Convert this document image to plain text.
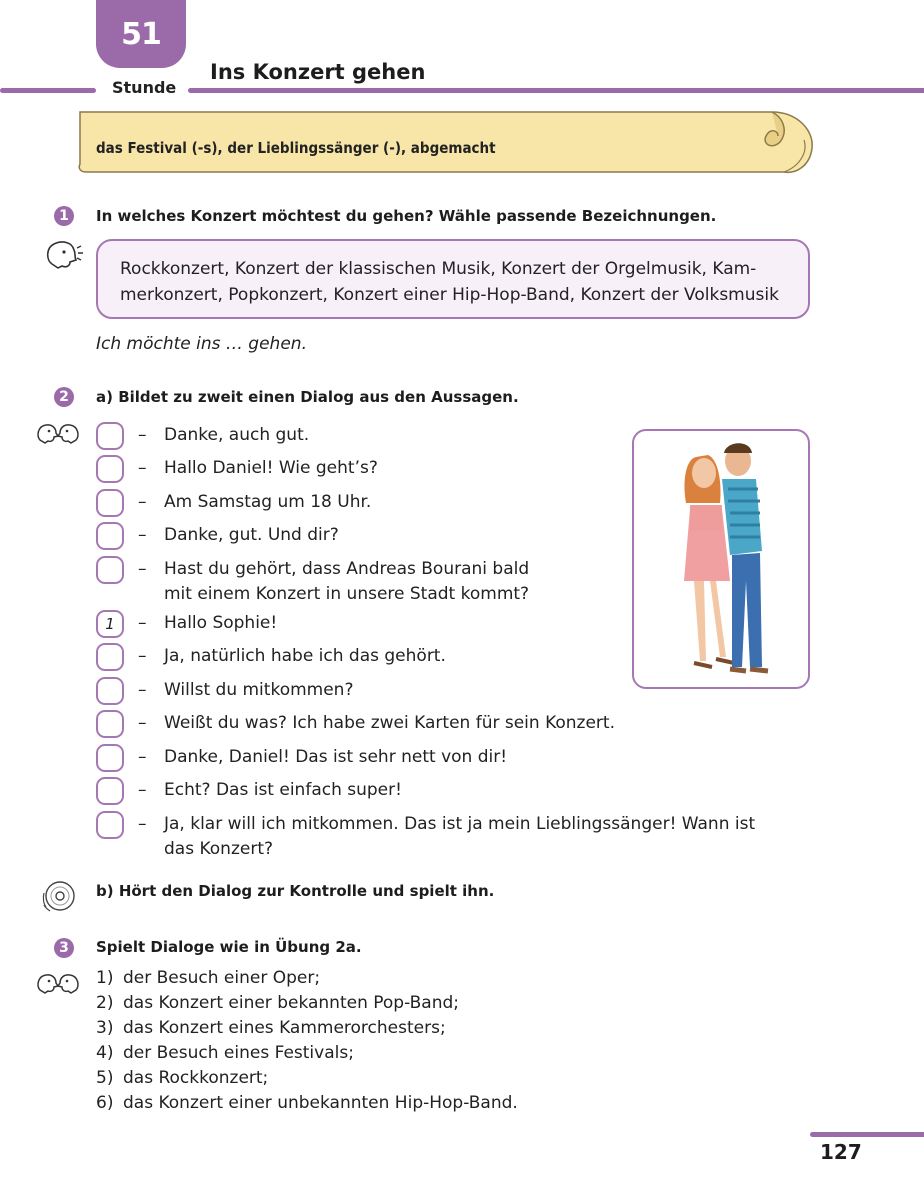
51
Stunde
Ins Konzert gehen
das Festival (-s), der Lieblingssänger (-), abgemacht
1	In welches Konzert möchtest du gehen? Wähle passende Bezeichnungen.
Rockkonzert, Konzert der klassischen Musik, Konzert der Orgelmusik, Kam-
merkonzert, Popkonzert, Konzert einer Hip-Hop-Band, Konzert der Volksmusik
Ich möchte ins … gehen.
2	a) Bildet zu zweit einen Dialog aus den Aussagen.
– Danke, auch gut.
– Hallo Daniel! Wie geht’s?
– Am Samstag um 18 Uhr.
– Danke, gut. Und dir?
– Hast du gehört, dass Andreas Bourani bald
mit einem Konzert in unsere Stadt kommt?
1	– Hallo Sophie!
– Ja, natürlich habe ich das gehört.
– Willst du mitkommen?
– Weißt du was? Ich habe zwei Karten für sein Konzert.
– Danke, Daniel! Das ist sehr nett von dir!
– Echt? Das ist einfach super!
– Ja, klar will ich mitkommen. Das ist ja mein Lieblingssänger! Wann ist
das Konzert?
b) Hört den Dialog zur Kontrolle und spielt ihn.
3	Spielt Dialoge wie in Übung 2a.
1) der Besuch einer Oper;
2) das Konzert einer bekannten Pop-Band;
3) das Konzert eines Kammerorchesters;
4) der Besuch eines Festivals;
5) das Rockkonzert;
6) das Konzert einer unbekannten Hip-Hop-Band.
127
